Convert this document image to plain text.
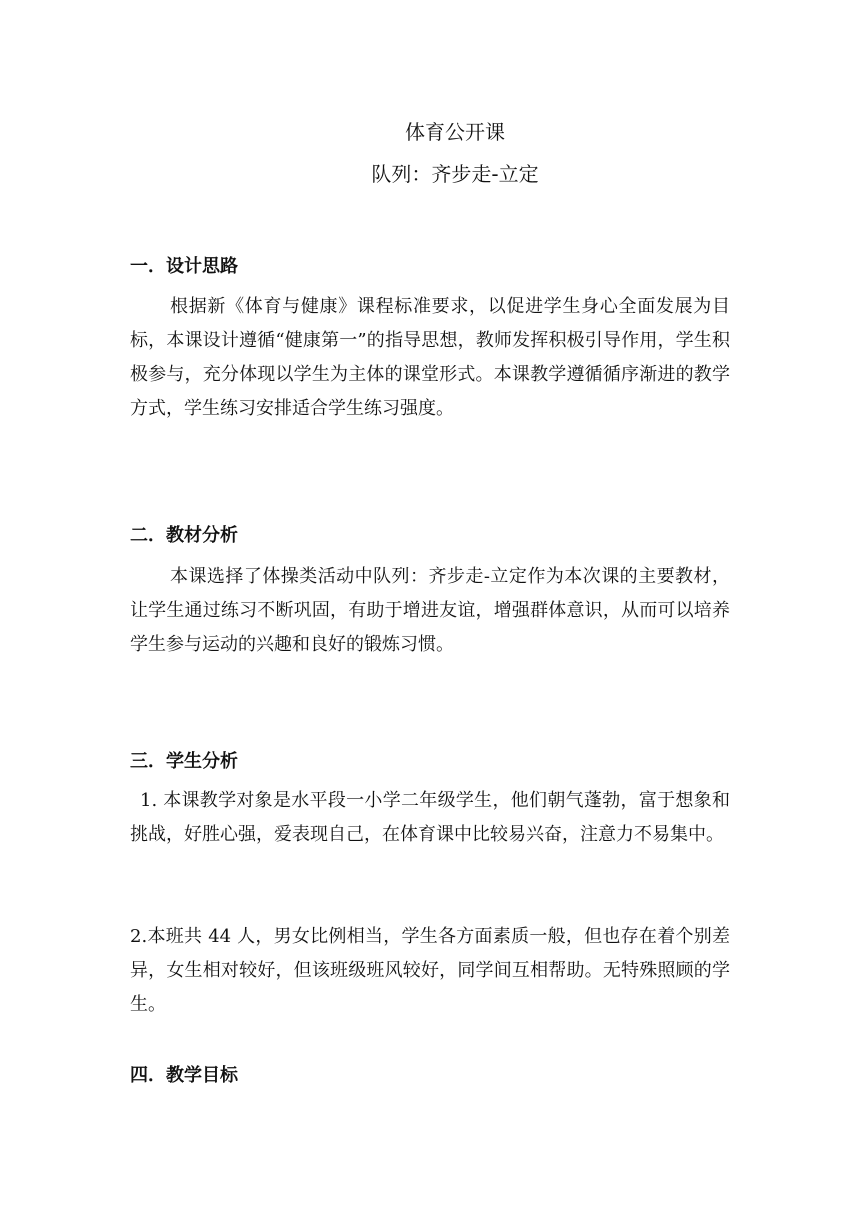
体育公开课
队列：齐步走-立定
一．设计思路

根据新《体育与健康》课程标准要求，以促进学生身心全面发展为目标，本课设计遵循“健康第一”的指导思想，教师发挥积极引导作用，学生积极参与，充分体现以学生为主体的课堂形式。本课教学遵循循序渐进的教学方式，学生练习安排适合学生练习强度。

二．教材分析

本课选择了体操类活动中队列：齐步走-立定作为本次课的主要教材，让学生通过练习不断巩固，有助于增进友谊，增强群体意识，从而可以培养学生参与运动的兴趣和良好的锻炼习惯。

三．学生分析

1. 本课教学对象是水平段一小学二年级学生，他们朝气蓬勃，富于想象和挑战，好胜心强，爱表现自己，在体育课中比较易兴奋，注意力不易集中。

2.本班共 44 人，男女比例相当，学生各方面素质一般，但也存在着个别差异，女生相对较好，但该班级班风较好，同学间互相帮助。无特殊照顾的学生。

四．教学目标
